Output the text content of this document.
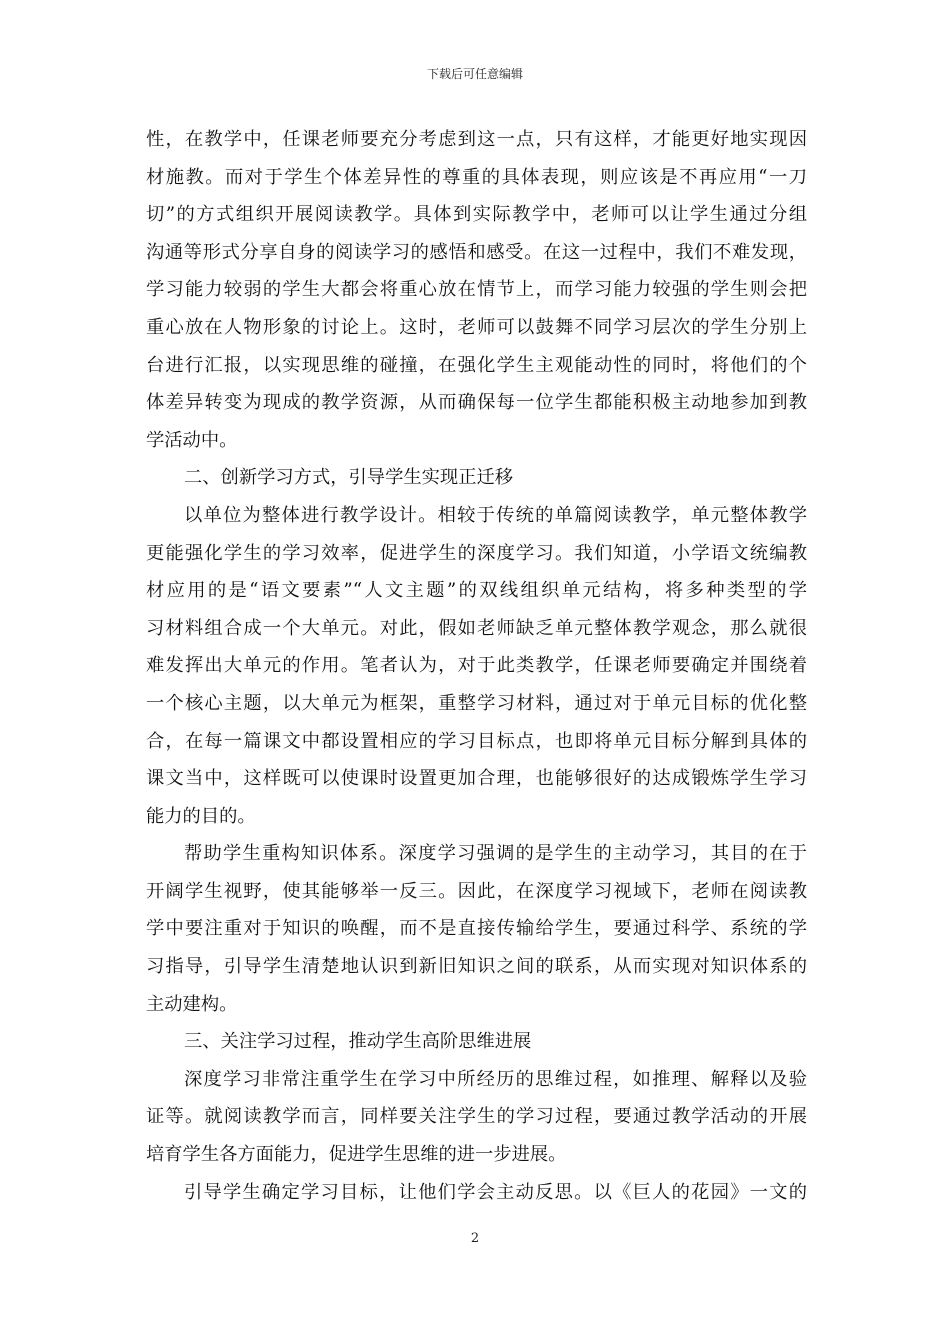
下载后可任意编辑
性，在教学中，任课老师要充分考虑到这一点，只有这样，才能更好地实现因
材施教。而对于学生个体差异性的尊重的具体表现，则应该是不再应用“一刀
切”的方式组织开展阅读教学。具体到实际教学中，老师可以让学生通过分组
沟通等形式分享自身的阅读学习的感悟和感受。在这一过程中，我们不难发现，
学习能力较弱的学生大都会将重心放在情节上，而学习能力较强的学生则会把
重心放在人物形象的讨论上。这时，老师可以鼓舞不同学习层次的学生分别上
台进行汇报，以实现思维的碰撞，在强化学生主观能动性的同时，将他们的个
体差异转变为现成的教学资源，从而确保每一位学生都能积极主动地参加到教
学活动中。
二、创新学习方式，引导学生实现正迁移
以单位为整体进行教学设计。相较于传统的单篇阅读教学，单元整体教学
更能强化学生的学习效率，促进学生的深度学习。我们知道，小学语文统编教
材应用的是“语文要素”“人文主题”的双线组织单元结构，将多种类型的学
习材料组合成一个大单元。对此，假如老师缺乏单元整体教学观念，那么就很
难发挥出大单元的作用。笔者认为，对于此类教学，任课老师要确定并围绕着
一个核心主题，以大单元为框架，重整学习材料，通过对于单元目标的优化整
合，在每一篇课文中都设置相应的学习目标点，也即将单元目标分解到具体的
课文当中，这样既可以使课时设置更加合理，也能够很好的达成锻炼学生学习
能力的目的。
帮助学生重构知识体系。深度学习强调的是学生的主动学习，其目的在于
开阔学生视野，使其能够举一反三。因此，在深度学习视域下，老师在阅读教
学中要注重对于知识的唤醒，而不是直接传输给学生，要通过科学、系统的学
习指导，引导学生清楚地认识到新旧知识之间的联系，从而实现对知识体系的
主动建构。
三、关注学习过程，推动学生高阶思维进展
深度学习非常注重学生在学习中所经历的思维过程，如推理、解释以及验
证等。就阅读教学而言，同样要关注学生的学习过程，要通过教学活动的开展
培育学生各方面能力，促进学生思维的进一步进展。
引导学生确定学习目标，让他们学会主动反思。以《巨人的花园》一文的
2
